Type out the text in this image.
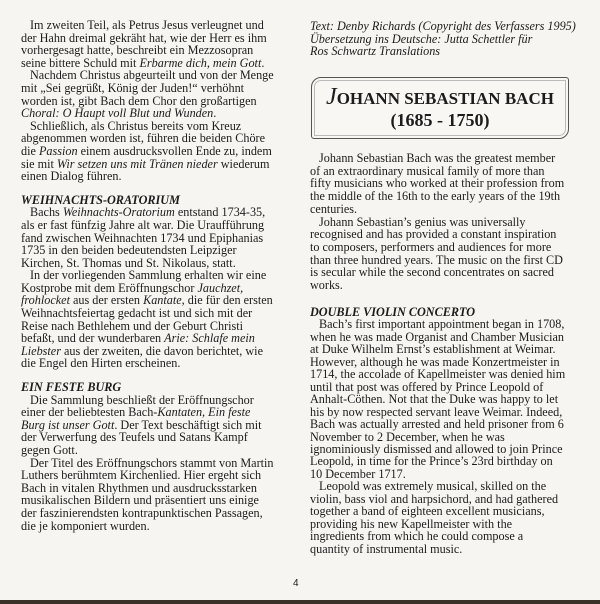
Im zweiten Teil, als Petrus Jesus verleugnet und
der Hahn dreimal gekräht hat, wie der Herr es ihm
vorhergesagt hatte, beschreibt ein Mezzosopran
seine bittere Schuld mit Erbarme dich, mein Gott.
Nachdem Christus abgeurteilt und von der Menge
mit „Sei gegrüßt, König der Juden!“ verhöhnt
worden ist, gibt Bach dem Chor den großartigen
Choral: O Haupt voll Blut und Wunden.
Schließlich, als Christus bereits vom Kreuz
abgenommen worden ist, führen die beiden Chöre
die Passion einem ausdrucksvollen Ende zu, indem
sie mit Wir setzen uns mit Tränen nieder wiederum
einen Dialog führen.
WEIHNACHTS-ORATORIUM
Bachs Weihnachts-Oratorium entstand 1734-35,
als er fast fünfzig Jahre alt war. Die Uraufführung
fand zwischen Weihnachten 1734 und Epiphanias
1735 in den beiden bedeutendsten Leipziger
Kirchen, St. Thomas und St. Nikolaus, statt.
In der vorliegenden Sammlung erhalten wir eine
Kostprobe mit dem Eröffnungschor Jauchzet,
frohlocket aus der ersten Kantate, die für den ersten
Weihnachtsfeiertag gedacht ist und sich mit der
Reise nach Bethlehem und der Geburt Christi
befaßt, und der wunderbaren Arie: Schlafe mein
Liebster aus der zweiten, die davon berichtet, wie
die Engel den Hirten erscheinen.
EIN FESTE BURG
Die Sammlung beschließt der Eröffnungschor
einer der beliebtesten Bach-Kantaten, Ein feste
Burg ist unser Gott. Der Text beschäftigt sich mit
der Verwerfung des Teufels und Satans Kampf
gegen Gott.
Der Titel des Eröffnungschors stammt von Martin
Luthers berühmtem Kirchenlied. Hier ergeht sich
Bach in vitalen Rhythmen und ausdrucksstarken
musikalischen Bildern und präsentiert uns einige
der faszinierendsten kontrapunktischen Passagen,
die je komponiert wurden.
Text: Denby Richards (Copyright des Verfassers 1995)
Übersetzung ins Deutsche: Jutta Schettler für
Ros Schwartz Translations
JOHANN SEBASTIAN BACH
(1685 - 1750)
Johann Sebastian Bach was the greatest member
of an extraordinary musical family of more than
fifty musicians who worked at their profession from
the middle of the 16th to the early years of the 19th
centuries.
Johann Sebastian’s genius was universally
recognised and has provided a constant inspiration
to composers, performers and audiences for more
than three hundred years. The music on the first CD
is secular while the second concentrates on sacred
works.
DOUBLE VIOLIN CONCERTO
Bach’s first important appointment began in 1708,
when he was made Organist and Chamber Musician
at Duke Wilhelm Ernst’s establishment at Weimar.
However, although he was made Konzertmeister in
1714, the accolade of Kapellmeister was denied him
until that post was offered by Prince Leopold of
Anhalt-Cöthen. Not that the Duke was happy to let
his by now respected servant leave Weimar. Indeed,
Bach was actually arrested and held prisoner from 6
November to 2 December, when he was
ignominiously dismissed and allowed to join Prince
Leopold, in time for the Prince’s 23rd birthday on
10 December 1717.
Leopold was extremely musical, skilled on the
violin, bass viol and harpsichord, and had gathered
together a band of eighteen excellent musicians,
providing his new Kapellmeister with the
ingredients from which he could compose a
quantity of instrumental music.
4
